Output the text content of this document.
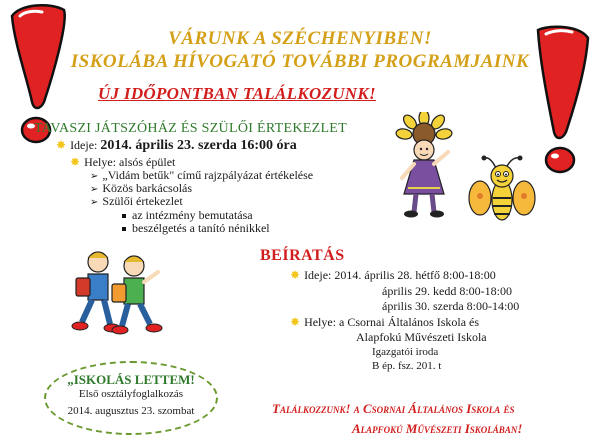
VÁRUNK A SZÉCHENYIBEN!
ISKOLÁBA HÍVOGATÓ TOVÁBBI PROGRAMJAINK
ÚJ IDŐPONTBAN TALÁLKOZUNK!
TAVASZI JÁTSZÓHÁZ ÉS SZÜLŐI ÉRTEKEZLET
✸ Ideje: 2014. április 23. szerda 16:00 óra
✸ Helye: alsós épület
➢ „Vidám betűk" című rajzpályázat értékelése
➢ Közös barkácsolás
➢ Szülői értekezlet
az intézmény bemutatása
beszélgetés a tanító nénikkel
BEÍRATÁS
✸ Ideje: 2014. április 28. hétfő 8:00-18:00
április 29. kedd 8:00-18:00
április 30. szerda 8:00-14:00
✸ Helye: a Csornai Általános Iskola és
Alapfokú Művészeti Iskola
Igazgatói iroda
B ép. fsz. 201. t
„ISKOLÁS LETTEM!
Első osztályfoglalkozás
2014. augusztus 23. szombat	Találkozzunk! a Csornai Általános Iskola és
Alapfokú Művészeti Iskolában!
